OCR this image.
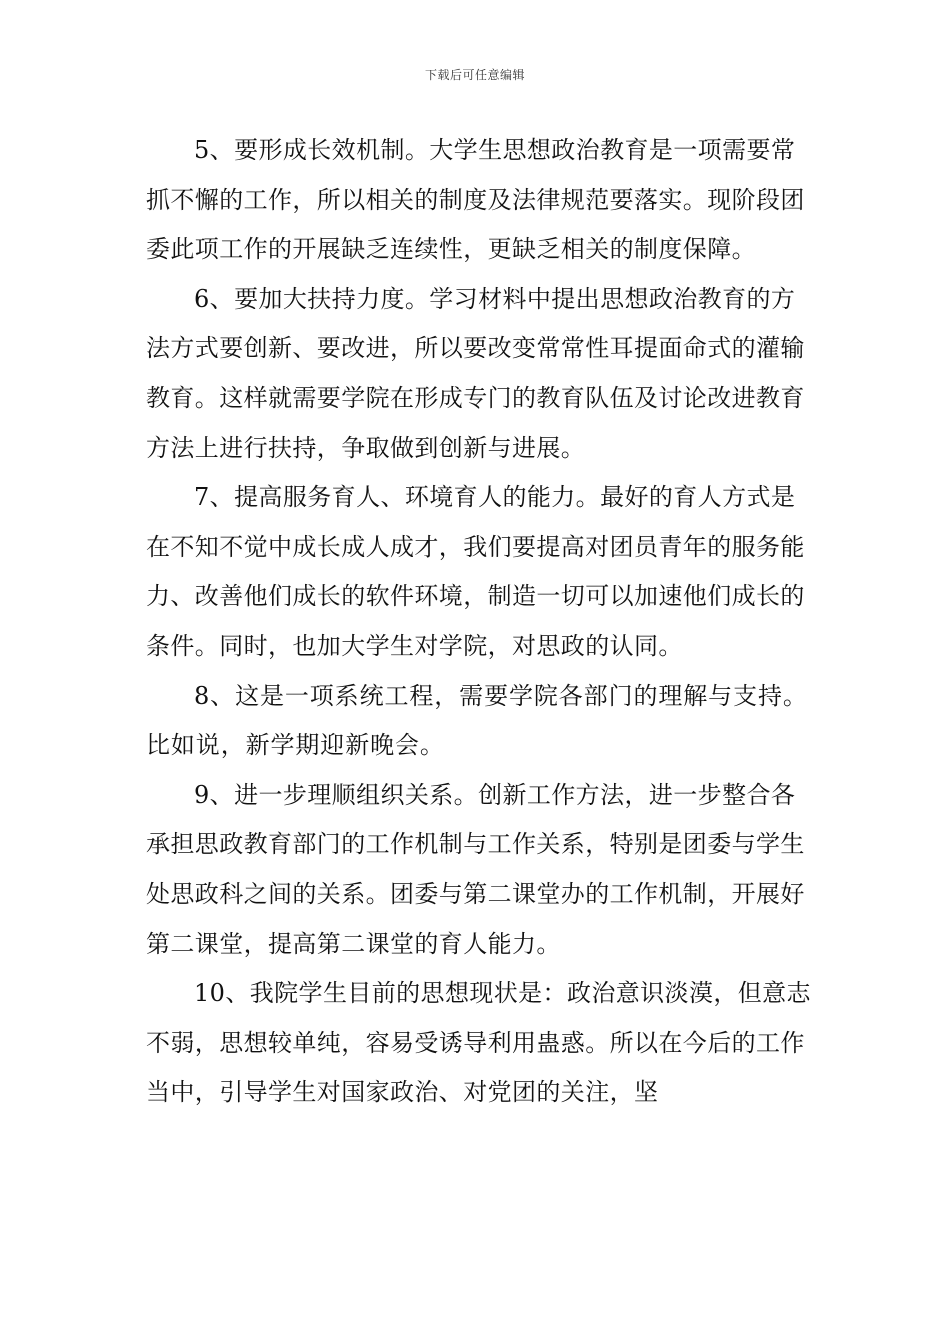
下载后可任意编辑

5、要形成长效机制。大学生思想政治教育是一项需要常抓不懈的工作，所以相关的制度及法律规范要落实。现阶段团委此项工作的开展缺乏连续性，更缺乏相关的制度保障。

6、要加大扶持力度。学习材料中提出思想政治教育的方法方式要创新、要改进，所以要改变常常性耳提面命式的灌输教育。这样就需要学院在形成专门的教育队伍及讨论改进教育方法上进行扶持，争取做到创新与进展。

7、提高服务育人、环境育人的能力。最好的育人方式是在不知不觉中成长成人成才，我们要提高对团员青年的服务能力、改善他们成长的软件环境，制造一切可以加速他们成长的条件。同时，也加大学生对学院，对思政的认同。

8、这是一项系统工程，需要学院各部门的理解与支持。比如说，新学期迎新晚会。

9、进一步理顺组织关系。创新工作方法，进一步整合各承担思政教育部门的工作机制与工作关系，特别是团委与学生处思政科之间的关系。团委与第二课堂办的工作机制，开展好第二课堂，提高第二课堂的育人能力。

10、我院学生目前的思想现状是：政治意识淡漠，但意志不弱，思想较单纯，容易受诱导利用蛊惑。所以在今后的工作当中，引导学生对国家政治、对党团的关注，坚
